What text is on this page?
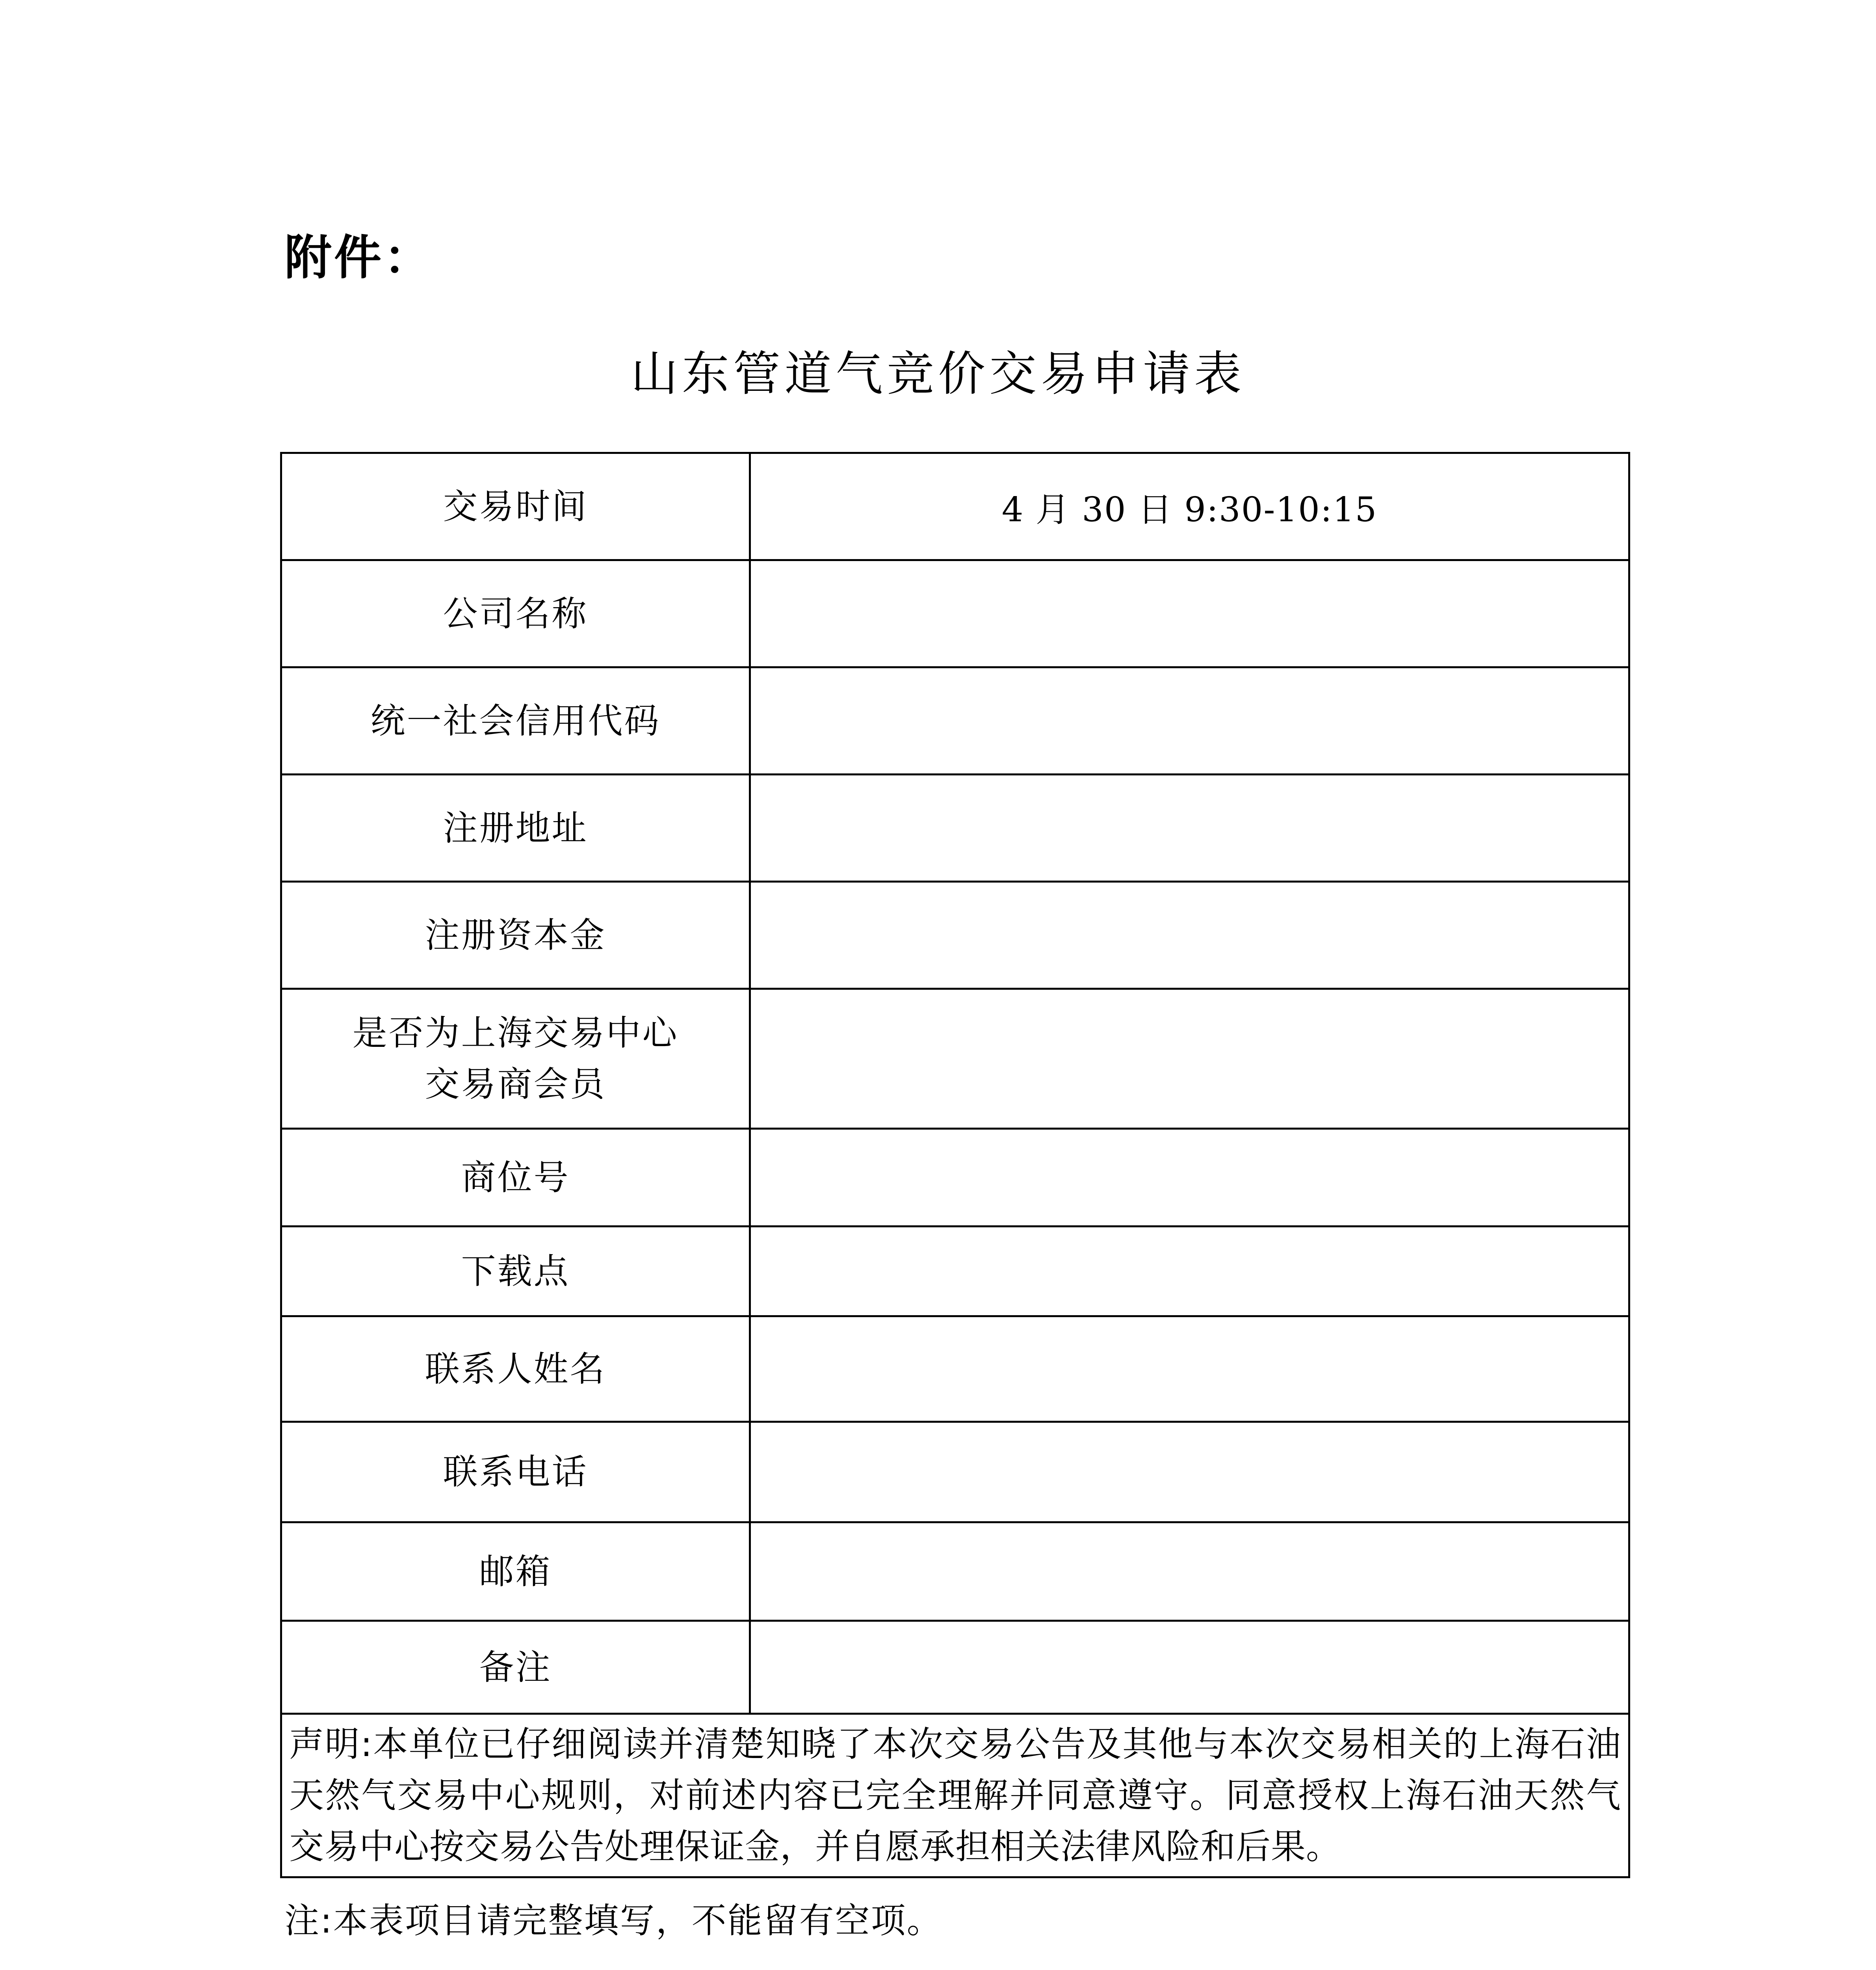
附件：
山东管道气竞价交易申请表
交易时间	4 月 30 日 9:30-10:15
公司名称	
统一社会信用代码	
注册地址	
注册资本金	

是否为上海交易中心
交易商会员	

商位号	
下载点	
联系人姓名	
联系电话	
邮箱	
备注	
声明:本单位已仔细阅读并清楚知晓了本次交易公告及其他与本次交易相关的上海石油天然气交易中心规则，对前述内容已完全理解并同意遵守。同意授权上海石油天然气交易中心按交易公告处理保证金，并自愿承担相关法律风险和后果。	
注:本表项目请完整填写，不能留有空项。
